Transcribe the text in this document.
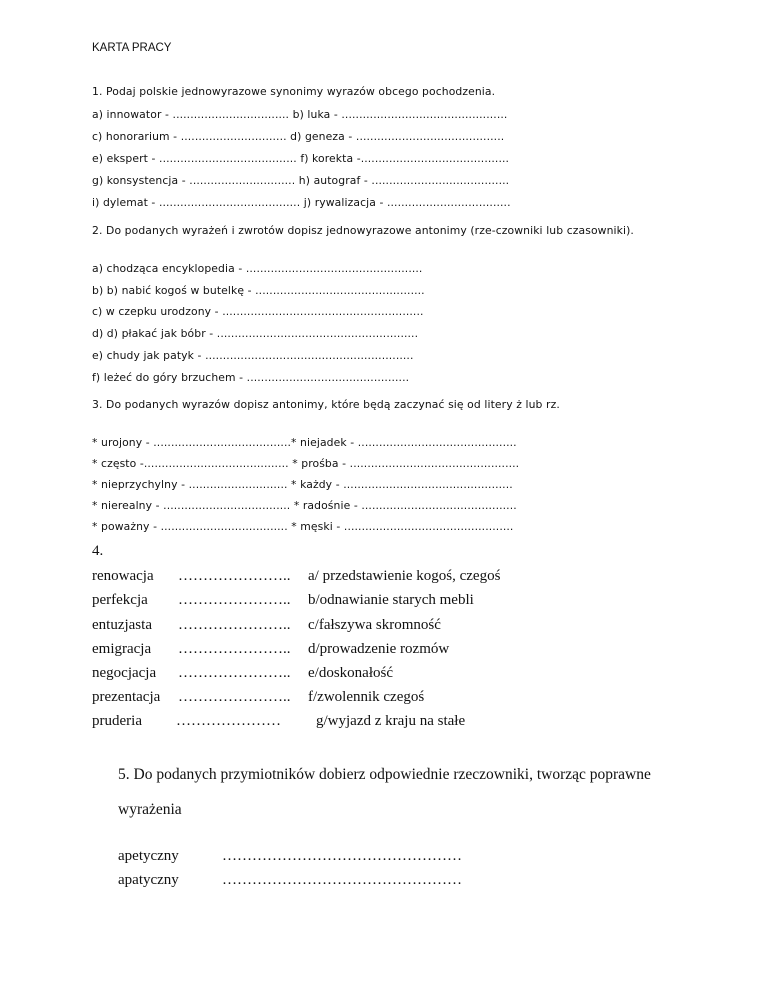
KARTA PRACY
1. Podaj polskie jednowyrazowe synonimy wyrazów obcego pochodzenia.
a) innowator - ................................. b) luka - ...............................................
c) honorarium - .............................. d) geneza - ..........................................
e) ekspert - ....................................... f) korekta -..........................................
g) konsystencja - .............................. h) autograf - .......................................
i) dylemat - ........................................ j) rywalizacja - ...................................
2. Do podanych wyrażeń i zwrotów dopisz jednowyrazowe antonimy (rze-czowniki lub czasowniki).
a) chodząca encyklopedia - ..................................................
b) b) nabić kogoś w butelkę - ................................................
c) w czepku urodzony - .........................................................
d) d) płakać jak bóbr - .........................................................
e) chudy jak patyk - ...........................................................
f) leżeć do góry brzuchem - ..............................................
3. Do podanych wyrazów dopisz antonimy, które będą zaczynać się od litery ż lub rz.
* urojony - .......................................* niejadek - .............................................
* często -......................................... * prośba - ................................................
* nieprzychylny - ............................ * każdy - ................................................
* nierealny - .................................... * radośnie - ............................................
* poważny - .................................... * męski - ................................................
4.
renowacja ………………….. a/ przedstawienie kogoś, czegoś
perfekcja ………………….. b/odnawianie starych mebli
entuzjasta ………………….. c/fałszywa skromność
emigracja ………………….. d/prowadzenie rozmów
negocjacja ………………….. e/doskonałość
prezentacja ………………….. f/zwolennik czegoś
pruderia ………………… g/wyjazd z kraju na stałe
5. Do podanych przymiotników dobierz odpowiednie rzeczowniki, tworząc poprawne
wyrażenia
apetyczny	…………………………………………
apatyczny	…………………………………………
